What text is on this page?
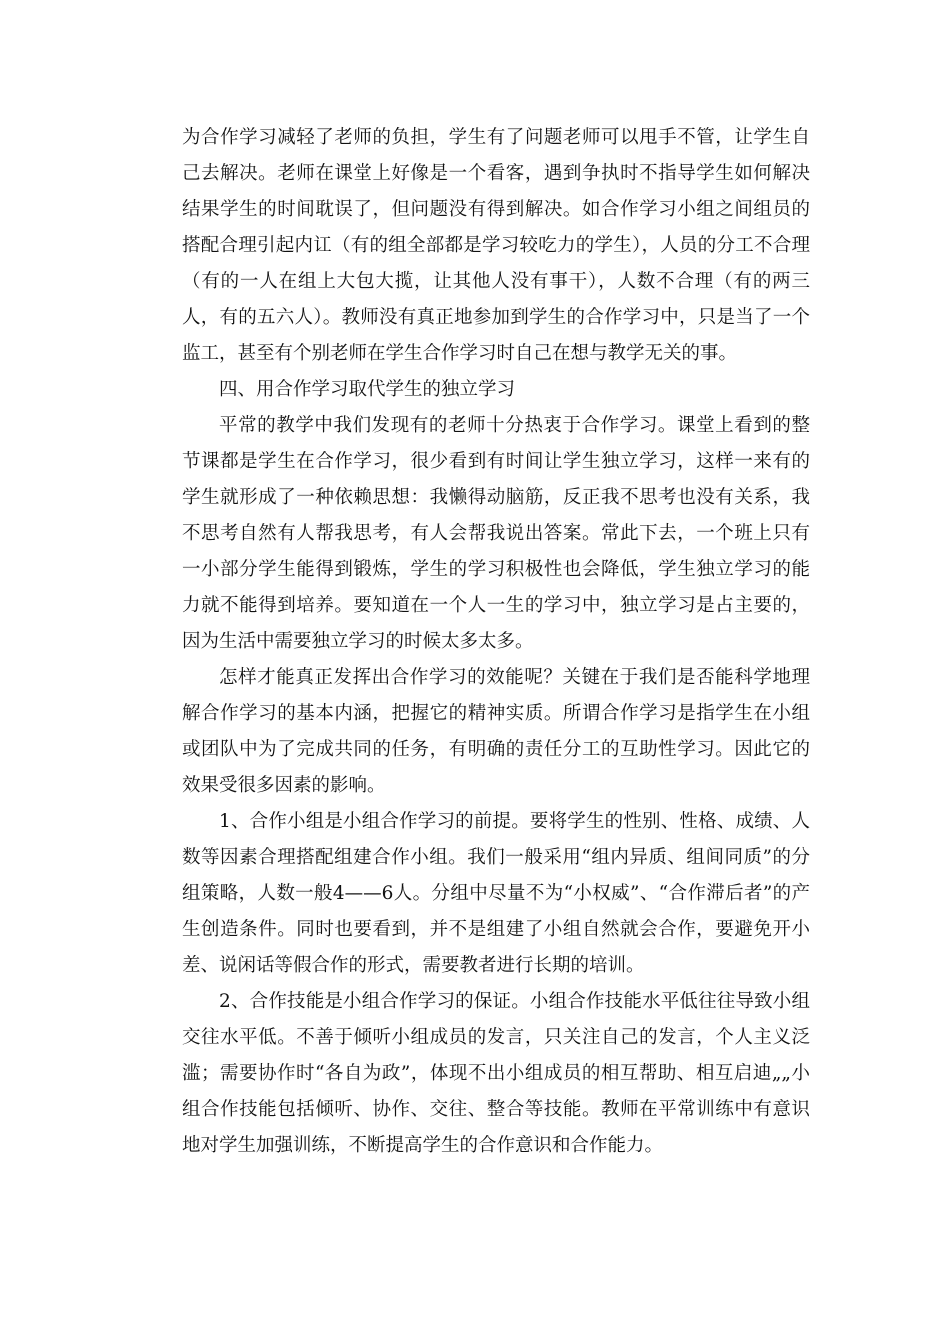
为合作学习减轻了老师的负担，学生有了问题老师可以甩手不管，让学生自己去解决。老师在课堂上好像是一个看客，遇到争执时不指导学生如何解决结果学生的时间耽误了，但问题没有得到解决。如合作学习小组之间组员的搭配合理引起内讧（有的组全部都是学习较吃力的学生），人员的分工不合理（有的一人在组上大包大揽，让其他人没有事干），人数不合理（有的两三人，有的五六人）。教师没有真正地参加到学生的合作学习中，只是当了一个监工，甚至有个别老师在学生合作学习时自己在想与教学无关的事。

四、用合作学习取代学生的独立学习

平常的教学中我们发现有的老师十分热衷于合作学习。课堂上看到的整节课都是学生在合作学习，很少看到有时间让学生独立学习，这样一来有的学生就形成了一种依赖思想：我懒得动脑筋，反正我不思考也没有关系，我不思考自然有人帮我思考，有人会帮我说出答案。常此下去，一个班上只有一小部分学生能得到锻炼，学生的学习积极性也会降低，学生独立学习的能力就不能得到培养。要知道在一个人一生的学习中，独立学习是占主要的，因为生活中需要独立学习的时候太多太多。

怎样才能真正发挥出合作学习的效能呢？关键在于我们是否能科学地理解合作学习的基本内涵，把握它的精神实质。所谓合作学习是指学生在小组或团队中为了完成共同的任务，有明确的责任分工的互助性学习。因此它的效果受很多因素的影响。

1、合作小组是小组合作学习的前提。要将学生的性别、性格、成绩、人数等因素合理搭配组建合作小组。我们一般采用“组内异质、组间同质”的分组策略，人数一般4——6人。分组中尽量不为“小权威”、“合作滞后者”的产生创造条件。同时也要看到，并不是组建了小组自然就会合作，要避免开小差、说闲话等假合作的形式，需要教者进行长期的培训。

2、合作技能是小组合作学习的保证。小组合作技能水平低往往导致小组交往水平低。不善于倾听小组成员的发言，只关注自己的发言，个人主义泛滥；需要协作时“各自为政”，体现不出小组成员的相互帮助、相互启迪„„小组合作技能包括倾听、协作、交往、整合等技能。教师在平常训练中有意识地对学生加强训练，不断提高学生的合作意识和合作能力。
